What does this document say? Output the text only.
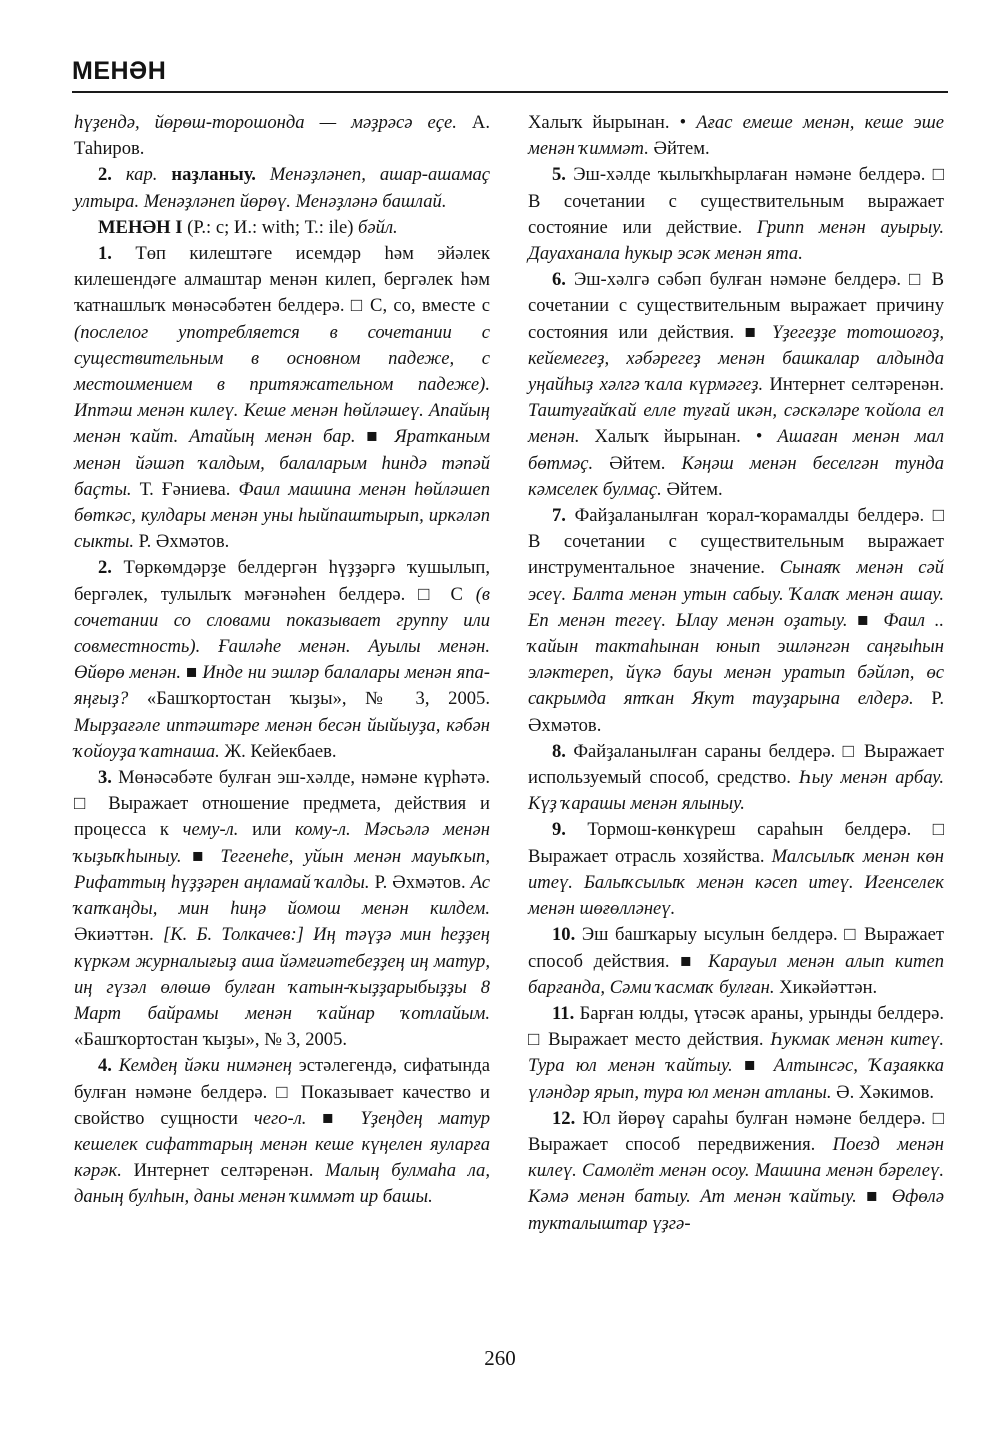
МЕНӘН

һүҙендә, йөрөш-торошонда — мәҙрәсә еҫе. А. Таһиров.

2. кар. наҙланыу. Менәҙләнеп, ашар-ашамаҫ ултыра. Менәҙләнеп йөрөү. Менәҙләнә башлай.

МЕНӘН I (Р.: с; И.: with; Т.: ile) бәйл.

1. Төп килештәге исемдәр һәм эйәлек килешендәге алмаштар менән килеп, бергәлек һәм ҡатнашлыҡ мөнәсәбәтен белдерә. □ С, со, вместе с (послелог употребляется в сочетании с существительным в основном падеже, с местоимением в притяжательном падеже). Иптәш менән килеү. Кеше менән һөйләшеү. Апайың менән ҡайт. Атайың менән бар. ■ Яратканым менән йәшәп ҡалдым, балаларым һиндә тәпәй баҫты. Т. Ғәниева. Фаил машина менән һөйләшеп бөткәс, кулдары менән уны һыйпаштырып, иркәләп сыкты. Р. Әхмәтов.

2. Төркөмдәрҙе белдергән һүҙҙәргә ҡушылып, бергәлек, тулылыҡ мәғәнәһен белдерә. □ С (в сочетании со словами показывает группу или совместность). Ғаиләһе менән. Ауылы менән. Өйөрө менән. ■ Инде ни эшләр балалары менән япа-яңғыҙ? «Башҡортостан ҡыҙы», № 3, 2005. Мырҙағәле иптәштәре менән бесән йыйыуҙа, кәбән ҡойоуҙа ҡатнаша. Ж. Кейекбаев.

3. Мөнәсәбәте булған эш-хәлде, нәмәне күрһәтә. □ Выражает отношение предмета, действия и процесса к чему-л. или кому-л. Мәсьәлә менән ҡыҙыҡһыныу. ■ Тегенеһе, уйын менән мауыҡып, Рифаттың һүҙҙәрен аңламай ҡалды. Р. Әхмәтов. Ас ҡапҡаңды, мин һиңә йомош менән килдем. Әкиәттән. [К. Б. Толкачев:] Иң тәүҙә мин һеҙҙең күркәм журналығыҙ аша йәмғиәтебеҙҙең иң матур, иң гүзәл өлөшө булған ҡатын-ҡыҙҙарыбыҙҙы 8 Март байрамы менән ҡайнар ҡотлайым. «Башҡортостан ҡыҙы», № 3, 2005.

4. Кемдең йәки нимәнең эстәлегендә, сифатында булған нәмәне белдерә. □ Показывает качество и свойство сущности чего-л. ■ Үҙеңдең матур кешелек сифаттарың менән кеше күңелен яуларға кәрәк. Интернет селтәренән. Малың булмаһа ла, даның булһын, даны менән ҡиммәт ир башы.

Халыҡ йырынан. • Ағас емеше менән, кеше эше менән ҡиммәт. Әйтем.

5. Эш-хәлде ҡылыҡһырлаған нәмәне белдерә. □ В сочетании с существительным выражает состояние или действие. Грипп менән ауырыу. Дауаханала һукыр эсәк менән ята.

6. Эш-хәлгә сәбәп булған нәмәне белдерә. □ В сочетании с существительным выражает причину состояния или действия. ■ Үҙегеҙҙе тотошоғоҙ, кейемегеҙ, хәбәрегеҙ менән башкалар алдында уңайһыҙ хәлгә ҡала күрмәгеҙ. Интернет селтәренән. Таштуғайҡай елле туғай икән, сәскәләре ҡойола ел менән. Халыҡ йырынан. • Ашаған менән мал бөтмәҫ. Әйтем. Кәңәш менән беселгән тунда кәмселек булмаҫ. Әйтем.

7. Файҙаланылған ҡорал-ҡорамалды белдерә. □ В сочетании с существительным выражает инструментальное значение. Сынаяҡ менән сәй эсеү. Балта менән утын сабыу. Ҡалаҡ менән ашау. Еп менән тегеү. Ылау менән оҙатыу. ■ Фаил .. ҡайын тактаһынан юнып эшләнгән саңғыһын эләктереп, йүкә бауы менән уратып бәйләп, өс сакрымда ятҡан Якут тауҙарына елдерә. Р. Әхмәтов.

8. Файҙаланылған сараны белдерә. □ Выражает используемый способ, средство. Һыу менән арбау. Күҙ ҡарашы менән ялыныу.

9. Тормош-көнкүреш сараһын белдерә. □ Выражает отрасль хозяйства. Малсылыҡ менән көн итеү. Балыҡсылыҡ менән кәсеп итеү. Игенселек менән шөғөлләнеү.

10. Эш башҡарыу ысулын белдерә. □ Выражает способ действия. ■ Карауыл менән алып китеп барғанда, Сәми ҡасмаҡ булған. Хикәйәттән.

11. Барған юлды, үтәсәк араны, урынды белдерә. □ Выражает место действия. Һукмак менән китеү. Тура юл менән ҡайтыу. ■ Алтынсәс, Ҡаҙаякка үләндәр ярып, тура юл менән атланы. Ә. Хәкимов.

12. Юл йөрөү сараһы булған нәмәне белдерә. □ Выражает способ передвижения. Поезд менән килеү. Самолёт менән осоу. Машина менән бәрелеү. Кәмә менән батыу. Ат менән ҡайтыу. ■ Өфөлә тукталыштар үҙгә-

260
